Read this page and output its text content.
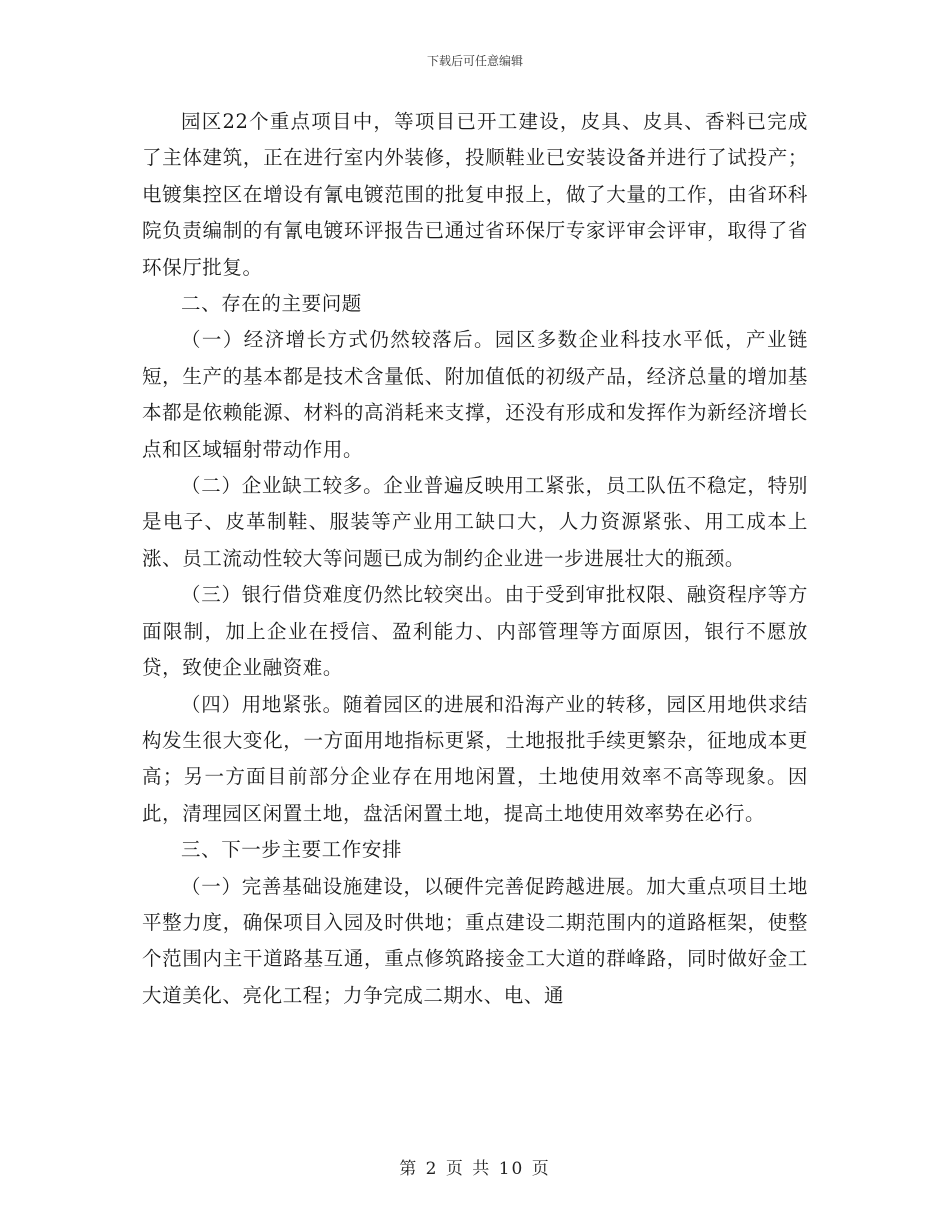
下载后可任意编辑

园区22个重点项目中，等项目已开工建设，皮具、皮具、香料已完成了主体建筑，正在进行室内外装修，投顺鞋业已安装设备并进行了试投产；电镀集控区在增设有氰电镀范围的批复申报上，做了大量的工作，由省环科院负责编制的有氰电镀环评报告已通过省环保厅专家评审会评审，取得了省环保厅批复。

二、存在的主要问题

（一）经济增长方式仍然较落后。园区多数企业科技水平低，产业链短，生产的基本都是技术含量低、附加值低的初级产品，经济总量的增加基本都是依赖能源、材料的高消耗来支撑，还没有形成和发挥作为新经济增长点和区域辐射带动作用。

（二）企业缺工较多。企业普遍反映用工紧张，员工队伍不稳定，特别是电子、皮革制鞋、服装等产业用工缺口大，人力资源紧张、用工成本上涨、员工流动性较大等问题已成为制约企业进一步进展壮大的瓶颈。

（三）银行借贷难度仍然比较突出。由于受到审批权限、融资程序等方面限制，加上企业在授信、盈利能力、内部管理等方面原因，银行不愿放贷，致使企业融资难。

（四）用地紧张。随着园区的进展和沿海产业的转移，园区用地供求结构发生很大变化，一方面用地指标更紧，土地报批手续更繁杂，征地成本更高；另一方面目前部分企业存在用地闲置，土地使用效率不高等现象。因此，清理园区闲置土地，盘活闲置土地，提高土地使用效率势在必行。

三、下一步主要工作安排

（一）完善基础设施建设，以硬件完善促跨越进展。加大重点项目土地平整力度，确保项目入园及时供地；重点建设二期范围内的道路框架，使整个范围内主干道路基互通，重点修筑路接金工大道的群峰路，同时做好金工大道美化、亮化工程；力争完成二期水、电、通

第 2 页 共 10 页
